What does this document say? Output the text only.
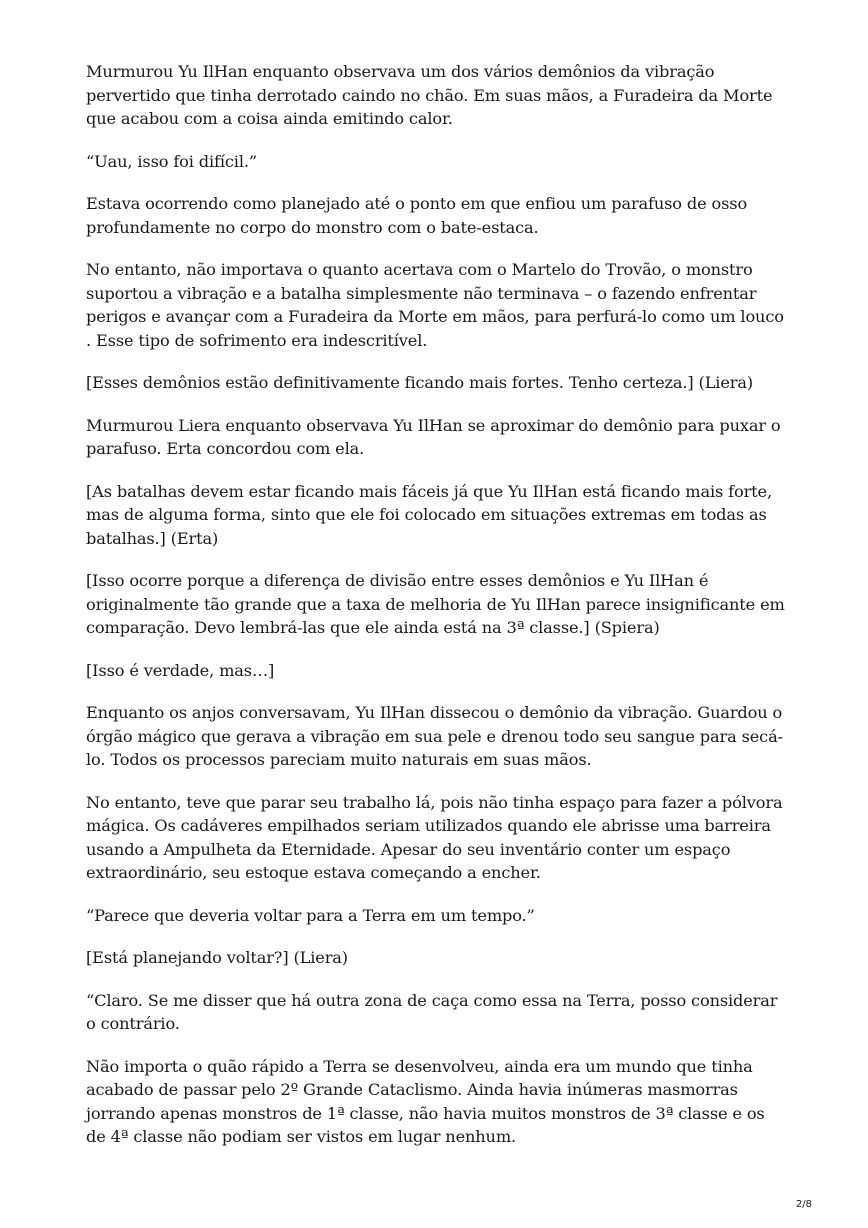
Murmurou Yu IlHan enquanto observava um dos vários demônios da vibração pervertido que tinha derrotado caindo no chão. Em suas mãos, a Furadeira da Morte que acabou com a coisa ainda emitindo calor.

“Uau, isso foi difícil.”

Estava ocorrendo como planejado até o ponto em que enfiou um parafuso de osso profundamente no corpo do monstro com o bate-estaca.

No entanto, não importava o quanto acertava com o Martelo do Trovão, o monstro suportou a vibração e a batalha simplesmente não terminava – o fazendo enfrentar perigos e avançar com a Furadeira da Morte em mãos, para perfurá-lo como um louco . Esse tipo de sofrimento era indescritível.

[Esses demônios estão definitivamente ficando mais fortes. Tenho certeza.] (Liera)

Murmurou Liera enquanto observava Yu IlHan se aproximar do demônio para puxar o parafuso. Erta concordou com ela.

[As batalhas devem estar ficando mais fáceis já que Yu IlHan está ficando mais forte, mas de alguma forma, sinto que ele foi colocado em situações extremas em todas as batalhas.] (Erta)

[Isso ocorre porque a diferença de divisão entre esses demônios e Yu IlHan é originalmente tão grande que a taxa de melhoria de Yu IlHan parece insignificante em comparação. Devo lembrá-las que ele ainda está na 3ª classe.] (Spiera)

[Isso é verdade, mas…]

Enquanto os anjos conversavam, Yu IlHan dissecou o demônio da vibração. Guardou o órgão mágico que gerava a vibração em sua pele e drenou todo seu sangue para secá-lo. Todos os processos pareciam muito naturais em suas mãos.

No entanto, teve que parar seu trabalho lá, pois não tinha espaço para fazer a pólvora mágica. Os cadáveres empilhados seriam utilizados quando ele abrisse uma barreira usando a Ampulheta da Eternidade. Apesar do seu inventário conter um espaço extraordinário, seu estoque estava começando a encher.

“Parece que deveria voltar para a Terra em um tempo.”

[Está planejando voltar?] (Liera)

“Claro. Se me disser que há outra zona de caça como essa na Terra, posso considerar o contrário.

Não importa o quão rápido a Terra se desenvolveu, ainda era um mundo que tinha acabado de passar pelo 2º Grande Cataclismo. Ainda havia inúmeras masmorras jorrando apenas monstros de 1ª classe, não havia muitos monstros de 3ª classe e os de 4ª classe não podiam ser vistos em lugar nenhum.

2/8
